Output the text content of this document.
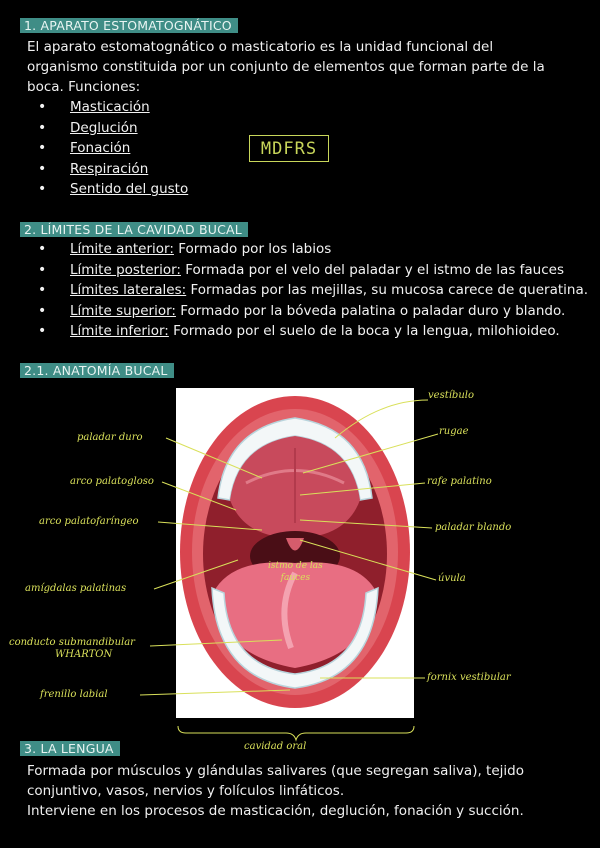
1. APARATO ESTOMATOGNÁTICO
El aparato estomatognático o masticatorio es la unidad funcional del
organismo constituida por un conjunto de elementos que forman parte de la
boca. Funciones:
• Masticación
• Deglución
• Fonación
• Respiración
• Sentido del gusto
MDFRS
2. LÍMITES DE LA CAVIDAD BUCAL
• Límite anterior: Formado por los labios
• Límite posterior: Formada por el velo del paladar y el istmo de las fauces
• Límites laterales: Formadas por las mejillas, su mucosa carece de queratina.
• Límite superior: Formado por la bóveda palatina o paladar duro y blando.
• Límite inferior: Formado por el suelo de la boca y la lengua, milohioideo.
2.1. ANATOMÍA BUCAL
vestíbulo
rugae
rafe palatino
paladar blando
úvula
fornix vestibular
paladar duro
arco palatogloso
arco palatofaríngeo
amígdalas palatinas
conducto submandibular
WHARTON
frenillo labial
istmo de las
fauces
cavidad oral
3. LA LENGUA
Formada por músculos y glándulas salivares (que segregan saliva), tejido
conjuntivo, vasos, nervios y folículos linfáticos.
Interviene en los procesos de masticación, deglución, fonación y succión.
